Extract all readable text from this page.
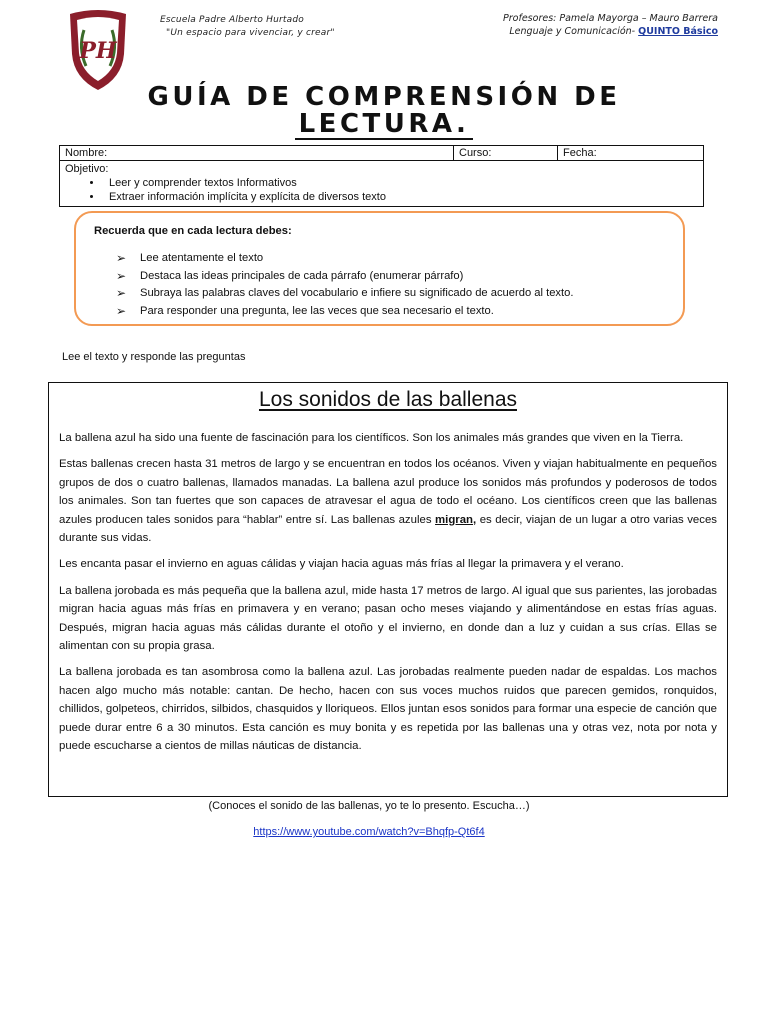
PH
Escuela Padre Alberto Hurtado
"Un espacio para vivenciar, y crear"
Profesores: Pamela Mayorga – Mauro Barrera
Lenguaje y Comunicación- QUINTO Básico
GUÍA DE COMPRENSIÓN DE
LECTURA.
Nombre:	Curso:	Fecha:
Objetivo:
• Leer y comprender textos Informativos
• Extraer información implícita y explícita de diversos texto
Recuerda que en cada lectura debes:
➢ Lee atentamente el texto
➢ Destaca las ideas principales de cada párrafo (enumerar párrafo)
➢ Subraya las palabras claves del vocabulario e infiere su significado de acuerdo al texto.
➢ Para responder una pregunta, lee las veces que sea necesario el texto.
Lee el texto y responde las preguntas
Los sonidos de las ballenas

La ballena azul ha sido una fuente de fascinación para los científicos. Son los animales más grandes que viven en la Tierra.

Estas ballenas crecen hasta 31 metros de largo y se encuentran en todos los océanos. Viven y viajan habitualmente en pequeños grupos de dos o cuatro ballenas, llamados manadas. La ballena azul produce los sonidos más profundos y poderosos de todos los animales. Son tan fuertes que son capaces de atravesar el agua de todo el océano. Los científicos creen que las ballenas azules producen tales sonidos para “hablar” entre sí. Las ballenas azules migran, es decir, viajan de un lugar a otro varias veces durante sus vidas.

Les encanta pasar el invierno en aguas cálidas y viajan hacia aguas más frías al llegar la primavera y el verano.

La ballena jorobada es más pequeña que la ballena azul, mide hasta 17 metros de largo. Al igual que sus parientes, las jorobadas migran hacia aguas más frías en primavera y en verano; pasan ocho meses viajando y alimentándose en estas frías aguas. Después, migran hacia aguas más cálidas durante el otoño y el invierno, en donde dan a luz y cuidan a sus crías. Ellas se alimentan con su propia grasa.

La ballena jorobada es tan asombrosa como la ballena azul. Las jorobadas realmente pueden nadar de espaldas. Los machos hacen algo mucho más notable: cantan. De hecho, hacen con sus voces muchos ruidos que parecen gemidos, ronquidos, chillidos, golpeteos, chirridos, silbidos, chasquidos y lloriqueos. Ellos juntan esos sonidos para formar una especie de canción que puede durar entre 6 a 30 minutos. Esta canción es muy bonita y es repetida por las ballenas una y otras vez, nota por nota y puede escucharse a cientos de millas náuticas de distancia.

(Conoces el sonido de las ballenas, yo te lo presento. Escucha…)
https://www.youtube.com/watch?v=Bhqfp-Qt6f4
